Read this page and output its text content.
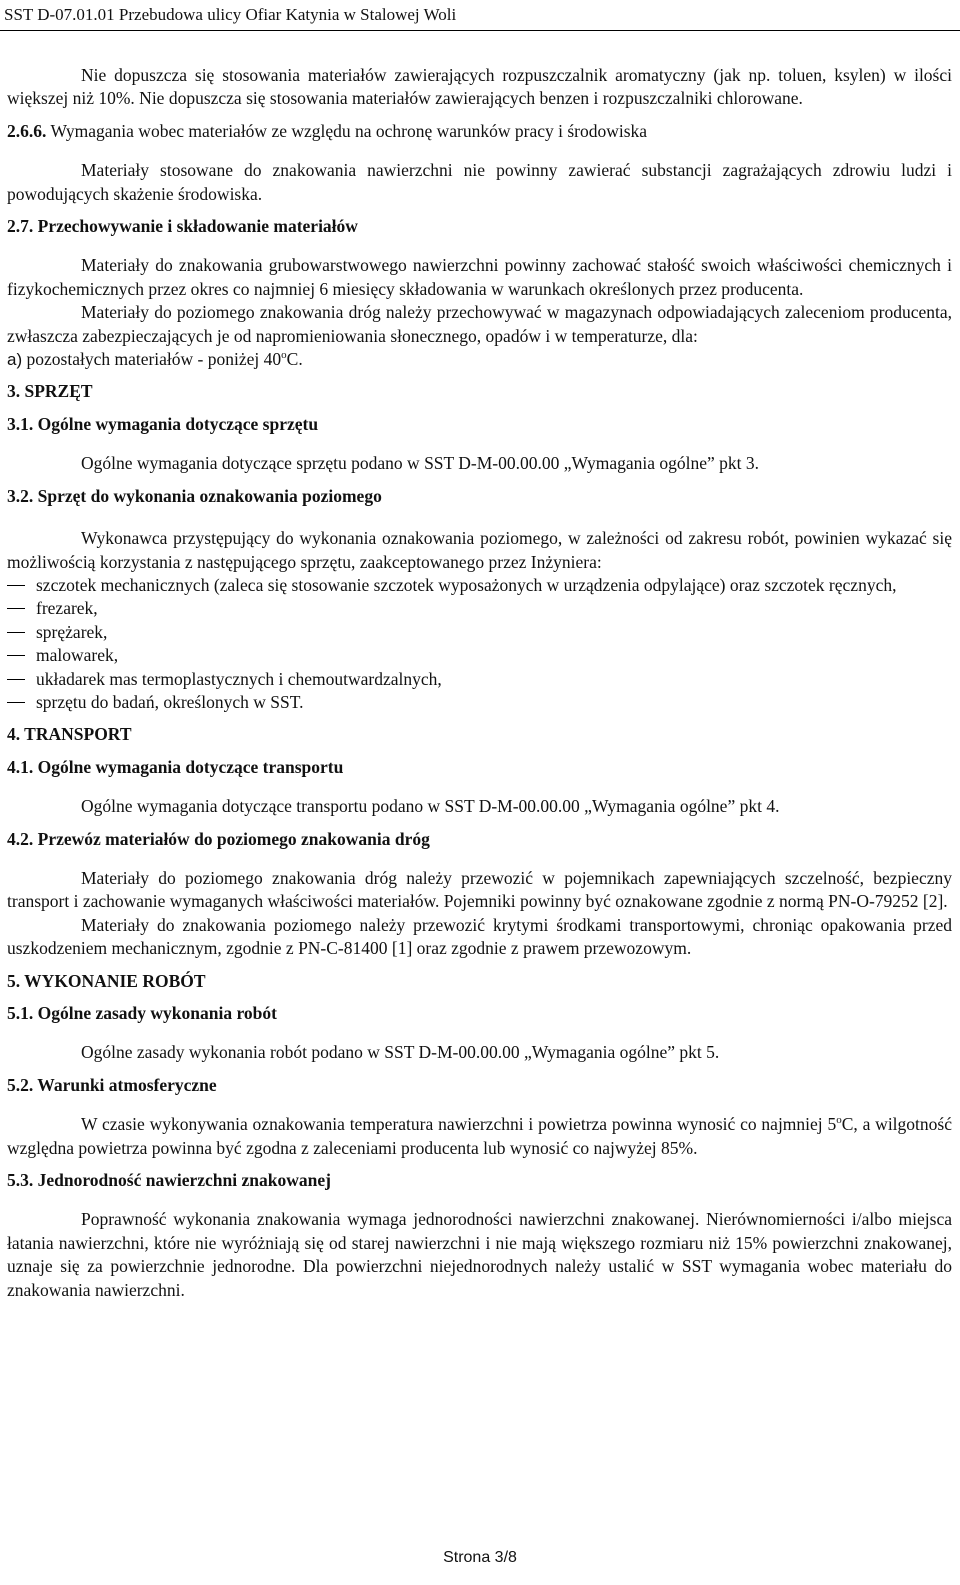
SST D-07.01.01 Przebudowa ulicy Ofiar Katynia w Stalowej Woli

Nie dopuszcza się stosowania materiałów zawierających rozpuszczalnik aromatyczny (jak np. toluen, ksylen) w ilości większej niż 10%. Nie dopuszcza się stosowania materiałów zawierających benzen i rozpuszczalniki chlorowane.

2.6.6. Wymagania wobec materiałów ze względu na ochronę warunków pracy i środowiska

Materiały stosowane do znakowania nawierzchni nie powinny zawierać substancji zagrażających zdrowiu ludzi i powodujących skażenie środowiska.

2.7. Przechowywanie i składowanie materiałów

Materiały do znakowania grubowarstwowego nawierzchni powinny zachować stałość swoich właściwości chemicznych i fizykochemicznych przez okres co najmniej 6 miesięcy składowania w warunkach określonych przez producenta.

Materiały do poziomego znakowania dróg należy przechowywać w magazynach odpowiadających zaleceniom producenta, zwłaszcza zabezpieczających je od napromieniowania słonecznego, opadów i w temperaturze, dla:

a) pozostałych materiałów - poniżej 40$^o$C.

3. SPRZĘT
3.1. Ogólne wymagania dotyczące sprzętu

Ogólne wymagania dotyczące sprzętu podano w SST D-M-00.00.00 „Wymagania ogólne” pkt 3.

3.2. Sprzęt do wykonania oznakowania poziomego

Wykonawca przystępujący do wykonania oznakowania poziomego, w zależności od zakresu robót, powinien wykazać się możliwością korzystania z następującego sprzętu, zaakceptowanego przez Inżyniera:

szczotek mechanicznych (zaleca się stosowanie szczotek wyposażonych w urządzenia odpylające) oraz szczotek ręcznych,
frezarek,
sprężarek,
malowarek,
układarek mas termoplastycznych i chemoutwardzalnych,
sprzętu do badań, określonych w SST.
4. TRANSPORT
4.1. Ogólne wymagania dotyczące transportu

Ogólne wymagania dotyczące transportu podano w SST D-M-00.00.00 „Wymagania ogólne” pkt 4.

4.2. Przewóz materiałów do poziomego znakowania dróg

Materiały do poziomego znakowania dróg należy przewozić w pojemnikach zapewniających szczelność, bezpieczny transport i zachowanie wymaganych właściwości materiałów. Pojemniki powinny być oznakowane zgodnie z normą PN-O-79252 [2].

Materiały do znakowania poziomego należy przewozić krytymi środkami transportowymi, chroniąc opakowania przed uszkodzeniem mechanicznym, zgodnie z PN-C-81400 [1] oraz zgodnie z prawem przewozowym.

5. WYKONANIE ROBÓT
5.1. Ogólne zasady wykonania robót

Ogólne zasady wykonania robót podano w SST D-M-00.00.00 „Wymagania ogólne” pkt 5.

5.2. Warunki atmosferyczne

W czasie wykonywania oznakowania temperatura nawierzchni i powietrza powinna wynosić co najmniej 5$^o$C, a wilgotność względna powietrza powinna być zgodna z zaleceniami producenta lub wynosić co najwyżej 85%.

5.3. Jednorodność nawierzchni znakowanej

Poprawność wykonania znakowania wymaga jednorodności nawierzchni znakowanej. Nierównomierności i/albo miejsca łatania nawierzchni, które nie wyróżniają się od starej nawierzchni i nie mają większego rozmiaru niż 15% powierzchni znakowanej, uznaje się za powierzchnie jednorodne. Dla powierzchni niejednorodnych należy ustalić w SST wymagania wobec materiału do znakowania nawierzchni.

Strona 3/8
